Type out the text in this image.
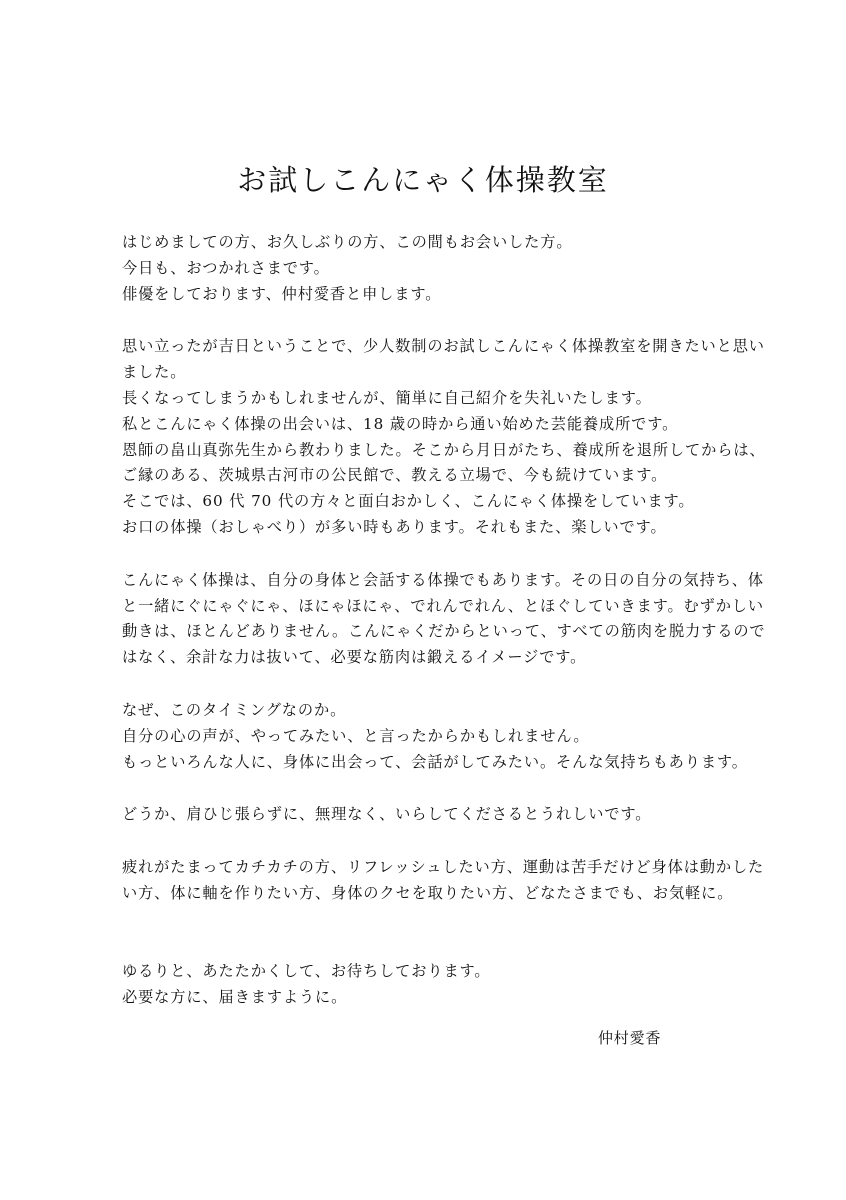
お試しこんにゃく体操教室
はじめましての方、お久しぶりの方、この間もお会いした方。
今日も、おつかれさまです。
俳優をしております、仲村愛香と申します。
思い立ったが吉日ということで、少人数制のお試しこんにゃく体操教室を開きたいと思い
ました。
長くなってしまうかもしれませんが、簡単に自己紹介を失礼いたします。
私とこんにゃく体操の出会いは、18 歳の時から通い始めた芸能養成所です。
恩師の畠山真弥先生から教わりました。そこから月日がたち、養成所を退所してからは、
ご縁のある、茨城県古河市の公民館で、教える立場で、今も続けています。
そこでは、60 代 70 代の方々と面白おかしく、こんにゃく体操をしています。
お口の体操（おしゃべり）が多い時もあります。それもまた、楽しいです。
こんにゃく体操は、自分の身体と会話する体操でもあります。その日の自分の気持ち、体
と一緒にぐにゃぐにゃ、ほにゃほにゃ、でれんでれん、とほぐしていきます。むずかしい
動きは、ほとんどありません。こんにゃくだからといって、すべての筋肉を脱力するので
はなく、余計な力は抜いて、必要な筋肉は鍛えるイメージです。
なぜ、このタイミングなのか。
自分の心の声が、やってみたい、と言ったからかもしれません。
もっといろんな人に、身体に出会って、会話がしてみたい。そんな気持ちもあります。
どうか、肩ひじ張らずに、無理なく、いらしてくださるとうれしいです。
疲れがたまってカチカチの方、リフレッシュしたい方、運動は苦手だけど身体は動かした
い方、体に軸を作りたい方、身体のクセを取りたい方、どなたさまでも、お気軽に。
ゆるりと、あたたかくして、お待ちしております。
必要な方に、届きますように。
仲村愛香
